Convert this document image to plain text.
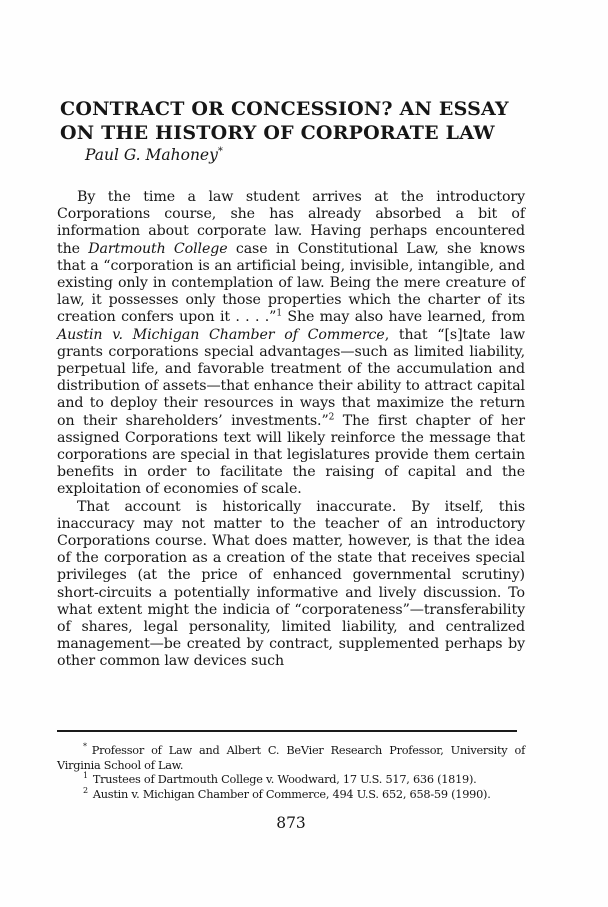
CONTRACT OR CONCESSION? AN ESSAY
ON THE HISTORY OF CORPORATE LAW
Paul G. Mahoney*

By the time a law student arrives at the introductory Corporations course, she has already absorbed a bit of information about corporate law. Having perhaps encountered the Dartmouth College case in Constitutional Law, she knows that a “corporation is an artificial being, invisible, intangible, and existing only in contemplation of law. Being the mere creature of law, it possesses only those properties which the charter of its creation confers upon it . . . .”$^1$ She may also have learned, from Austin v. Michigan Chamber of Commerce, that “[s]tate law grants corporations special advantages—such as limited liability, perpetual life, and favorable treatment of the accumulation and distribution of assets—that enhance their ability to attract capital and to deploy their resources in ways that maximize the return on their shareholders’ investments.”$^2$ The first chapter of her assigned Corporations text will likely reinforce the message that corporations are special in that legislatures provide them certain benefits in order to facilitate the raising of capital and the exploitation of economies of scale.

That account is historically inaccurate. By itself, this inaccuracy may not matter to the teacher of an introductory Corporations course. What does matter, however, is that the idea of the corporation as a creation of the state that receives special privileges (at the price of enhanced governmental scrutiny) short-circuits a potentially informative and lively discussion. To what extent might the indicia of “corporateness”—transferability of shares, legal personality, limited liability, and centralized management—be created by contract, supplemented perhaps by other common law devices such

* Professor of Law and Albert C. BeVier Research Professor, University of Virginia School of Law.

$^1$ Trustees of Dartmouth College v. Woodward, 17 U.S. 517, 636 (1819).

$^2$ Austin v. Michigan Chamber of Commerce, 494 U.S. 652, 658-59 (1990).

873
